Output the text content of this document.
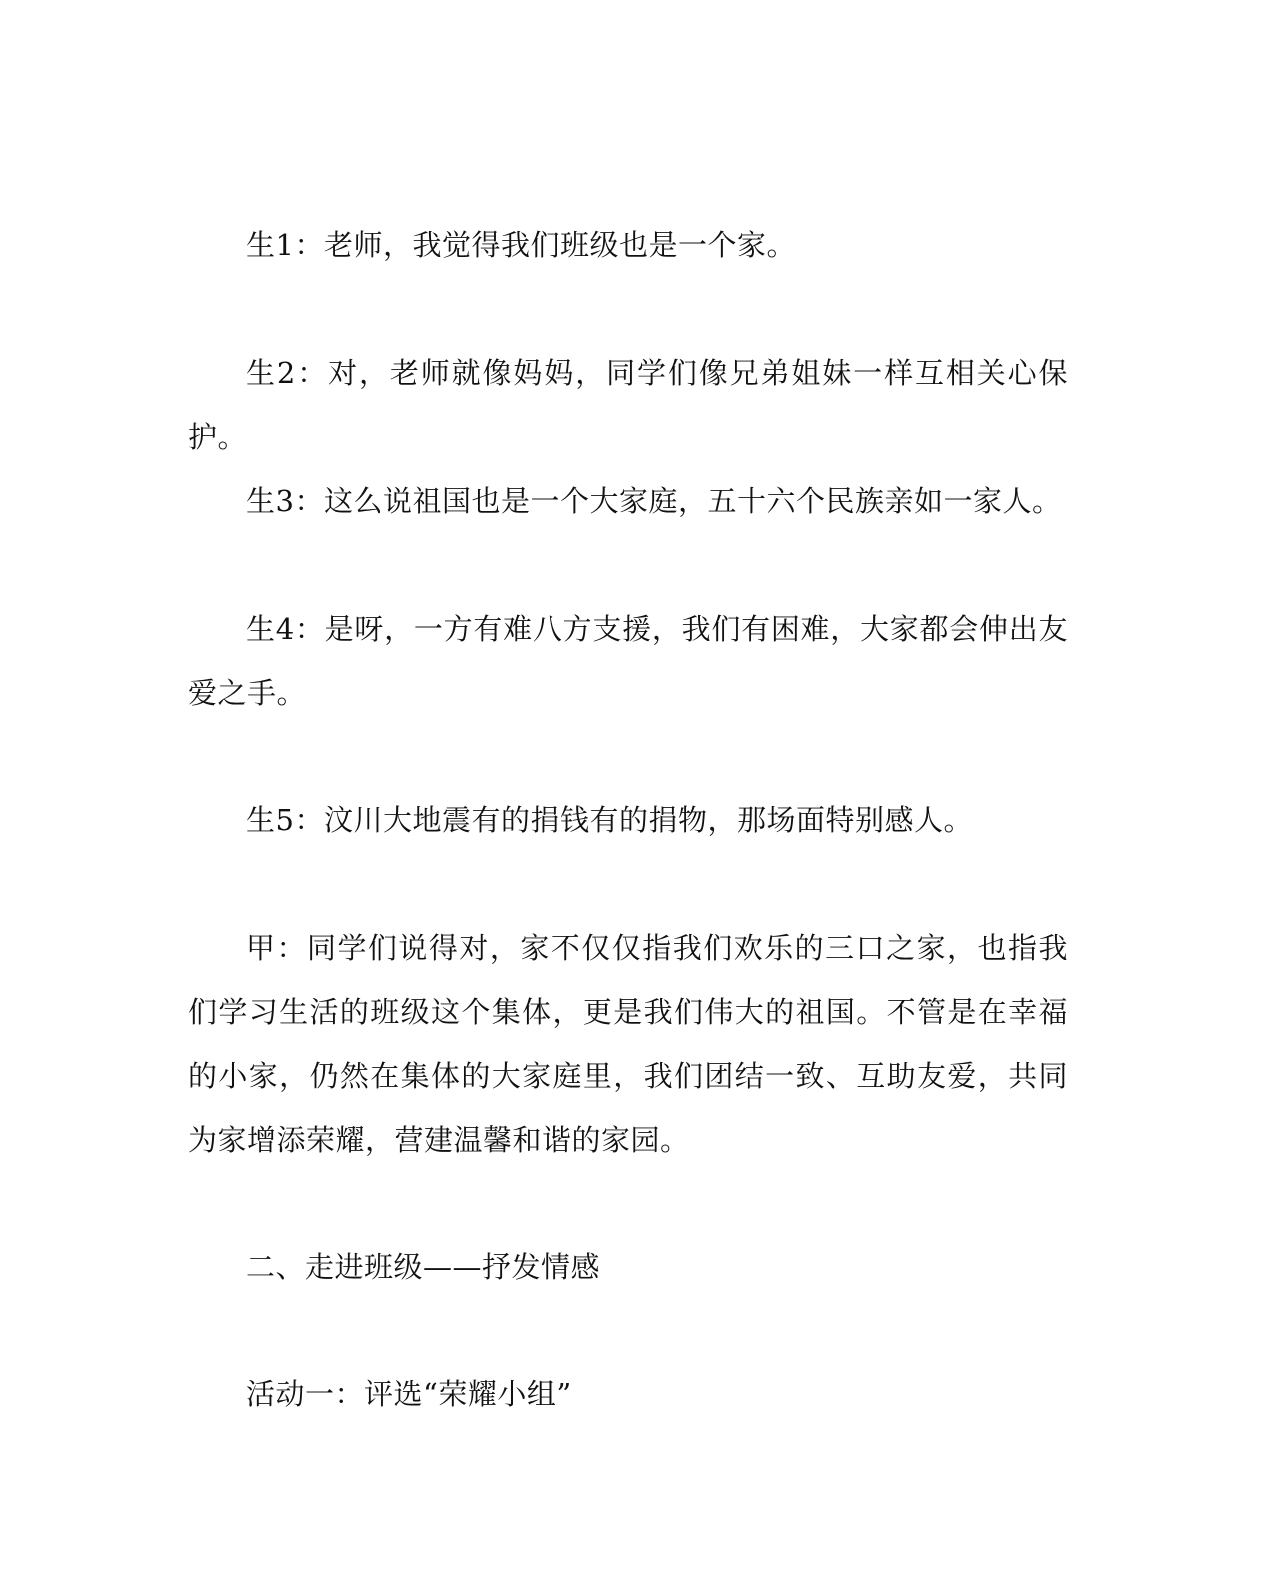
生1：老师，我觉得我们班级也是一个家。

生2：对，老师就像妈妈，同学们像兄弟姐妹一样互相关心保护。

生3：这么说祖国也是一个大家庭，五十六个民族亲如一家人。

生4：是呀，一方有难八方支援，我们有困难，大家都会伸出友爱之手。

生5：汶川大地震有的捐钱有的捐物，那场面特别感人。

甲：同学们说得对，家不仅仅指我们欢乐的三口之家，也指我们学习生活的班级这个集体，更是我们伟大的祖国。不管是在幸福的小家，仍然在集体的大家庭里，我们团结一致、互助友爱，共同为家增添荣耀，营建温馨和谐的家园。

二、走进班级——抒发情感

活动一：评选“荣耀小组”
